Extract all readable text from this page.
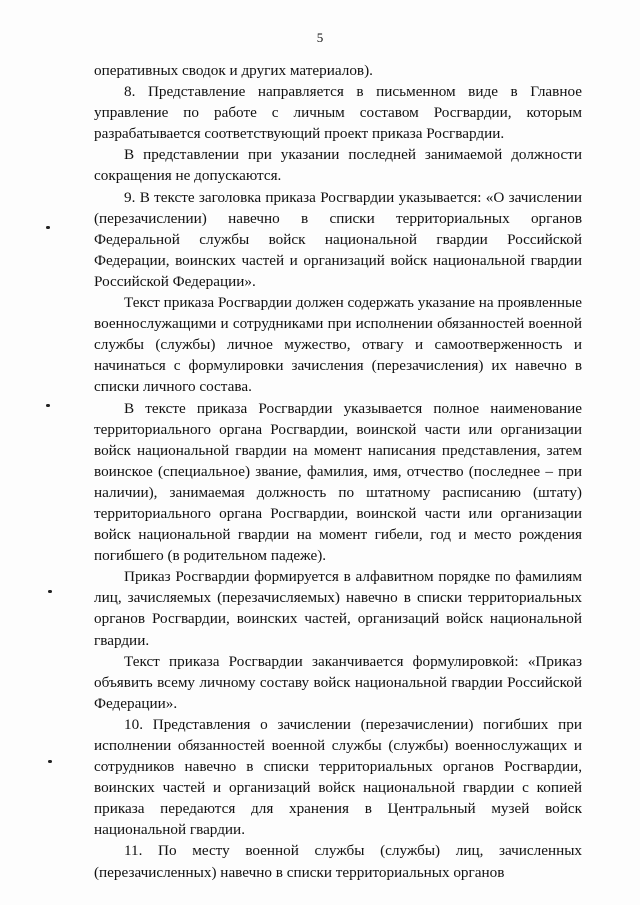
5

оперативных сводок и других материалов).

8. Представление направляется в письменном виде в Главное управление по работе с личным составом Росгвардии, которым разрабатывается соответствующий проект приказа Росгвардии.

В представлении при указании последней занимаемой должности сокращения не допускаются.

9. В тексте заголовка приказа Росгвардии указывается: «О зачислении (перезачислении) навечно в списки территориальных органов Федеральной службы войск национальной гвардии Российской Федерации, воинских частей и организаций войск национальной гвардии Российской Федерации».

Текст приказа Росгвардии должен содержать указание на проявленные военнослужащими и сотрудниками при исполнении обязанностей военной службы (службы) личное мужество, отвагу и самоотверженность и начинаться с формулировки зачисления (перезачисления) их навечно в списки личного состава.

В тексте приказа Росгвардии указывается полное наименование территориального органа Росгвардии, воинской части или организации войск национальной гвардии на момент написания представления, затем воинское (специальное) звание, фамилия, имя, отчество (последнее – при наличии), занимаемая должность по штатному расписанию (штату) территориального органа Росгвардии, воинской части или организации войск национальной гвардии на момент гибели, год и место рождения погибшего (в родительном падеже).

Приказ Росгвардии формируется в алфавитном порядке по фамилиям лиц, зачисляемых (перезачисляемых) навечно в списки территориальных органов Росгвардии, воинских частей, организаций войск национальной гвардии.

Текст приказа Росгвардии заканчивается формулировкой: «Приказ объявить всему личному составу войск национальной гвардии Российской Федерации».

10. Представления о зачислении (перезачислении) погибших при исполнении обязанностей военной службы (службы) военнослужащих и сотрудников навечно в списки территориальных органов Росгвардии, воинских частей и организаций войск национальной гвардии с копией приказа передаются для хранения в Центральный музей войск национальной гвардии.

11. По месту военной службы (службы) лиц, зачисленных (перезачисленных) навечно в списки территориальных органов
